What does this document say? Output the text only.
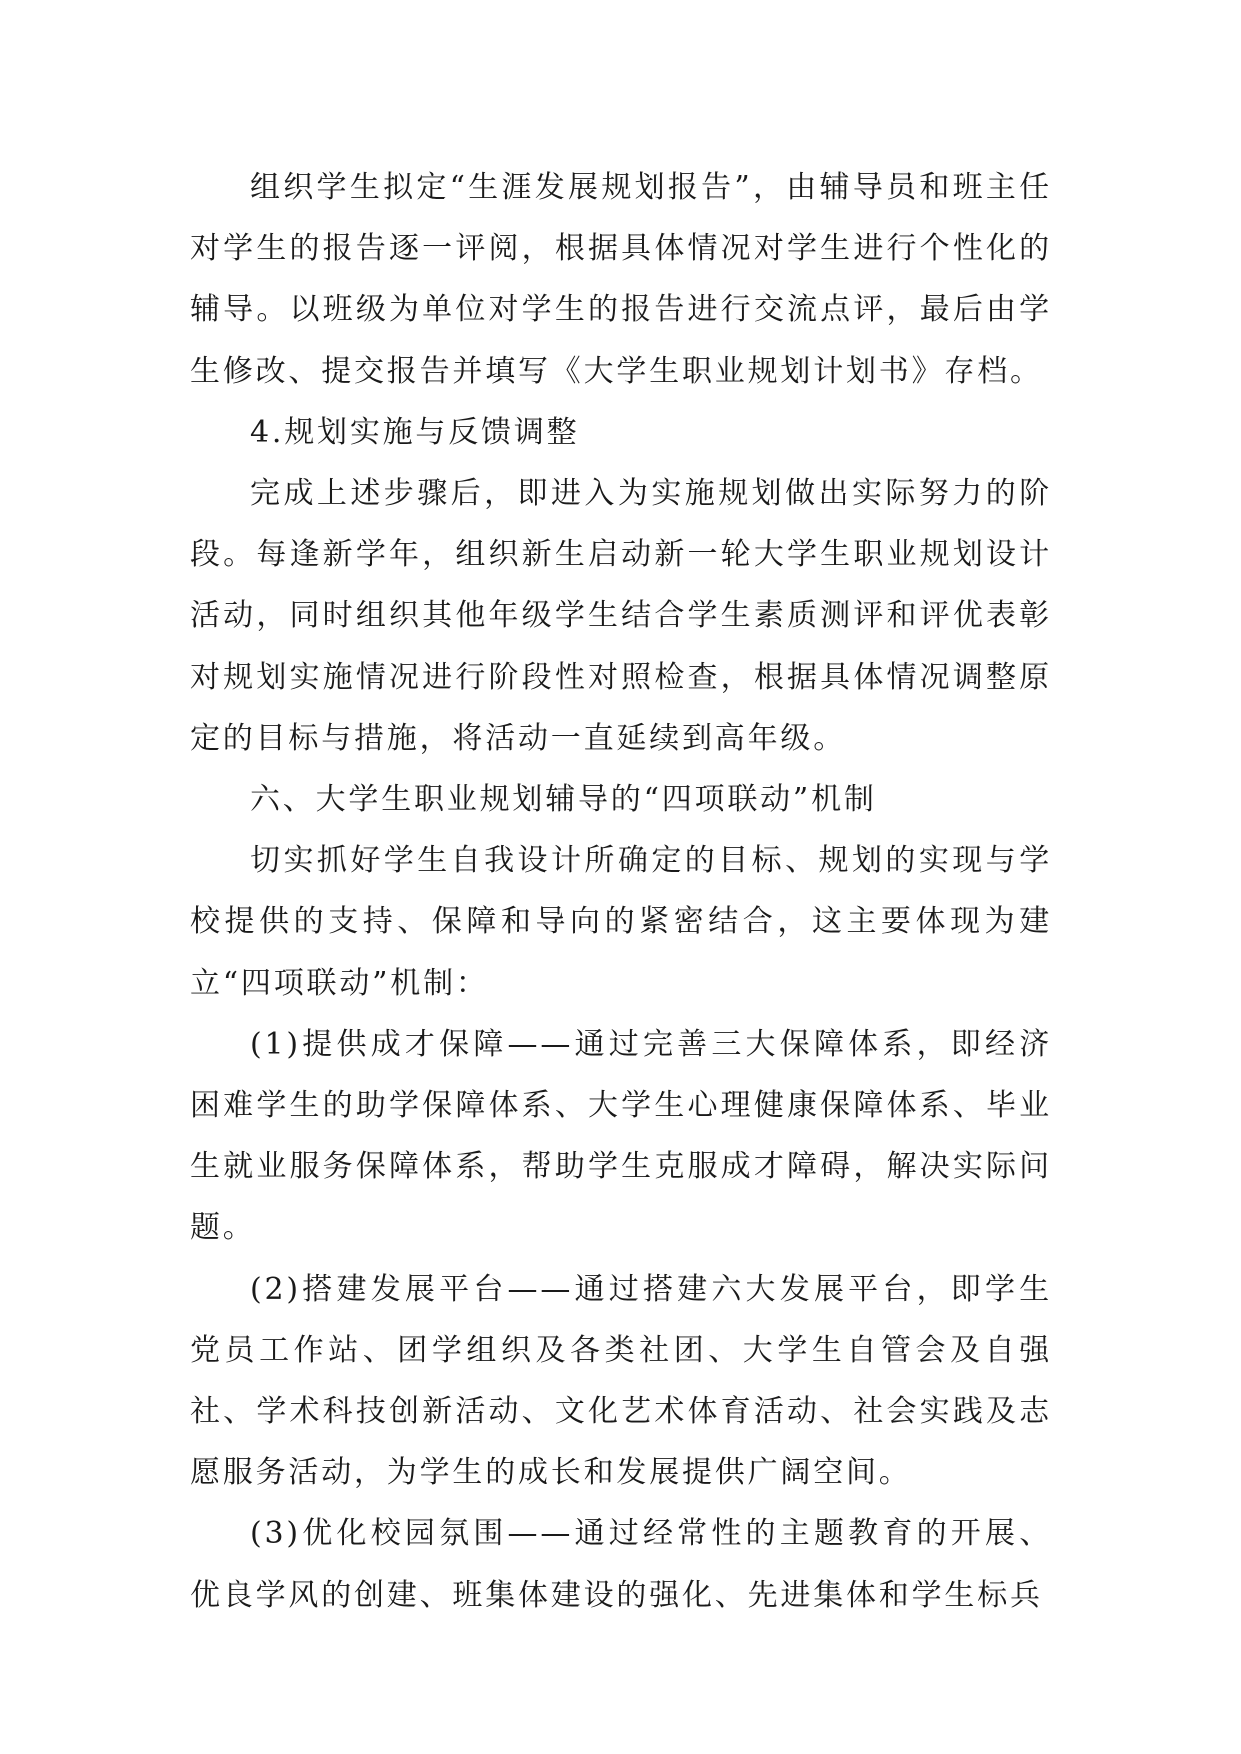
组织学生拟定“生涯发展规划报告”，由辅导员和班主任对学生的报告逐一评阅，根据具体情况对学生进行个性化的辅导。以班级为单位对学生的报告进行交流点评，最后由学生修改、提交报告并填写《大学生职业规划计划书》存档。

4.规划实施与反馈调整

完成上述步骤后，即进入为实施规划做出实际努力的阶段。每逢新学年，组织新生启动新一轮大学生职业规划设计活动，同时组织其他年级学生结合学生素质测评和评优表彰对规划实施情况进行阶段性对照检查，根据具体情况调整原定的目标与措施，将活动一直延续到高年级。

六、大学生职业规划辅导的“四项联动”机制

切实抓好学生自我设计所确定的目标、规划的实现与学校提供的支持、保障和导向的紧密结合，这主要体现为建立“四项联动”机制：

(1)提供成才保障——通过完善三大保障体系，即经济困难学生的助学保障体系、大学生心理健康保障体系、毕业生就业服务保障体系，帮助学生克服成才障碍，解决实际问题。

(2)搭建发展平台——通过搭建六大发展平台，即学生党员工作站、团学组织及各类社团、大学生自管会及自强社、学术科技创新活动、文化艺术体育活动、社会实践及志愿服务活动，为学生的成长和发展提供广阔空间。

(3)优化校园氛围——通过经常性的主题教育的开展、优良学风的创建、班集体建设的强化、先进集体和学生标兵
